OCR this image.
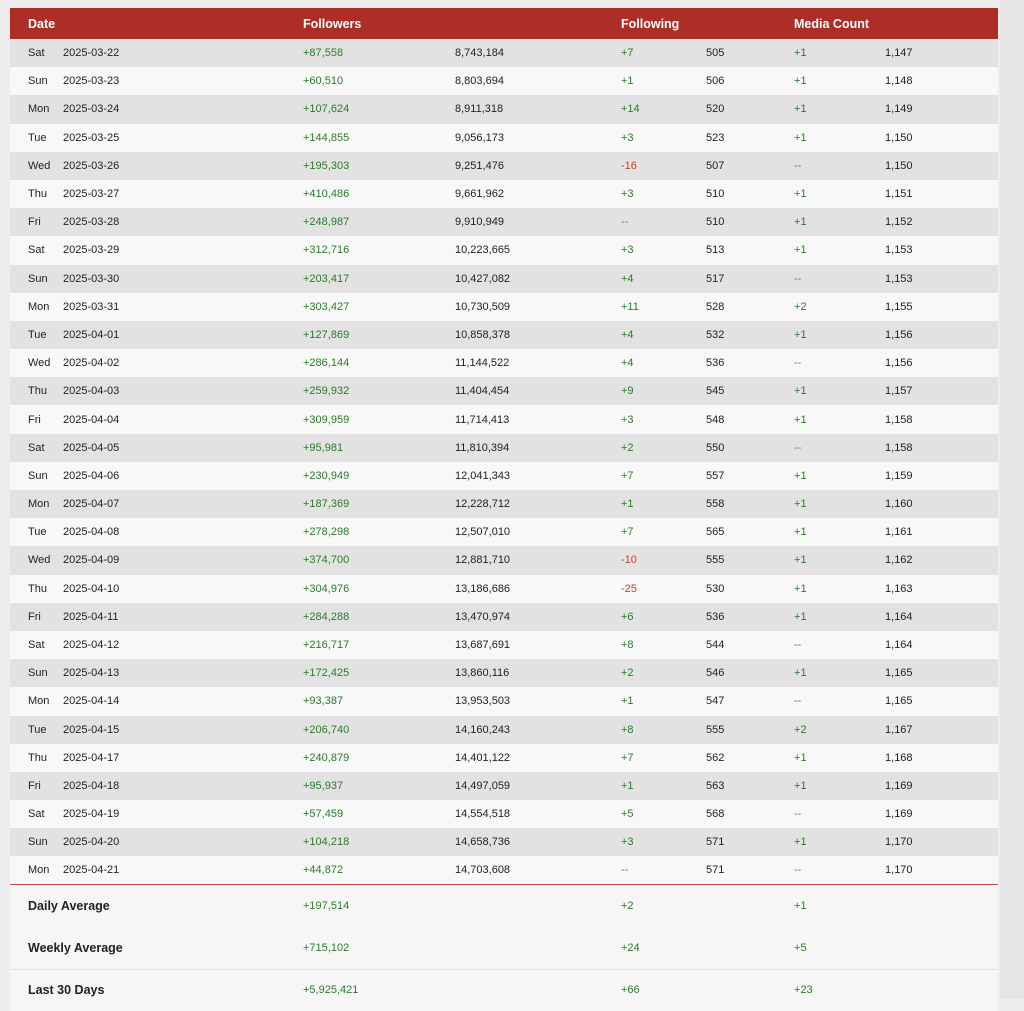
Date		Followers		Following		Media Count	
Sat	2025-03-22	+87,558	8,743,184	+7	505	+1	1,147
Sun	2025-03-23	+60,510	8,803,694	+1	506	+1	1,148
Mon	2025-03-24	+107,624	8,911,318	+14	520	+1	1,149
Tue	2025-03-25	+144,855	9,056,173	+3	523	+1	1,150
Wed	2025-03-26	+195,303	9,251,476	-16	507	--	1,150
Thu	2025-03-27	+410,486	9,661,962	+3	510	+1	1,151
Fri	2025-03-28	+248,987	9,910,949	--	510	+1	1,152
Sat	2025-03-29	+312,716	10,223,665	+3	513	+1	1,153
Sun	2025-03-30	+203,417	10,427,082	+4	517	--	1,153
Mon	2025-03-31	+303,427	10,730,509	+11	528	+2	1,155
Tue	2025-04-01	+127,869	10,858,378	+4	532	+1	1,156
Wed	2025-04-02	+286,144	11,144,522	+4	536	--	1,156
Thu	2025-04-03	+259,932	11,404,454	+9	545	+1	1,157
Fri	2025-04-04	+309,959	11,714,413	+3	548	+1	1,158
Sat	2025-04-05	+95,981	11,810,394	+2	550	--	1,158
Sun	2025-04-06	+230,949	12,041,343	+7	557	+1	1,159
Mon	2025-04-07	+187,369	12,228,712	+1	558	+1	1,160
Tue	2025-04-08	+278,298	12,507,010	+7	565	+1	1,161
Wed	2025-04-09	+374,700	12,881,710	-10	555	+1	1,162
Thu	2025-04-10	+304,976	13,186,686	-25	530	+1	1,163
Fri	2025-04-11	+284,288	13,470,974	+6	536	+1	1,164
Sat	2025-04-12	+216,717	13,687,691	+8	544	--	1,164
Sun	2025-04-13	+172,425	13,860,116	+2	546	+1	1,165
Mon	2025-04-14	+93,387	13,953,503	+1	547	--	1,165
Tue	2025-04-15	+206,740	14,160,243	+8	555	+2	1,167
Thu	2025-04-17	+240,879	14,401,122	+7	562	+1	1,168
Fri	2025-04-18	+95,937	14,497,059	+1	563	+1	1,169
Sat	2025-04-19	+57,459	14,554,518	+5	568	--	1,169
Sun	2025-04-20	+104,218	14,658,736	+3	571	+1	1,170
Mon	2025-04-21	+44,872	14,703,608	--	571	--	1,170

Daily Average		+197,514		+2		+1	
Weekly Average		+715,102		+24		+5	
Last 30 Days		+5,925,421		+66		+23	
